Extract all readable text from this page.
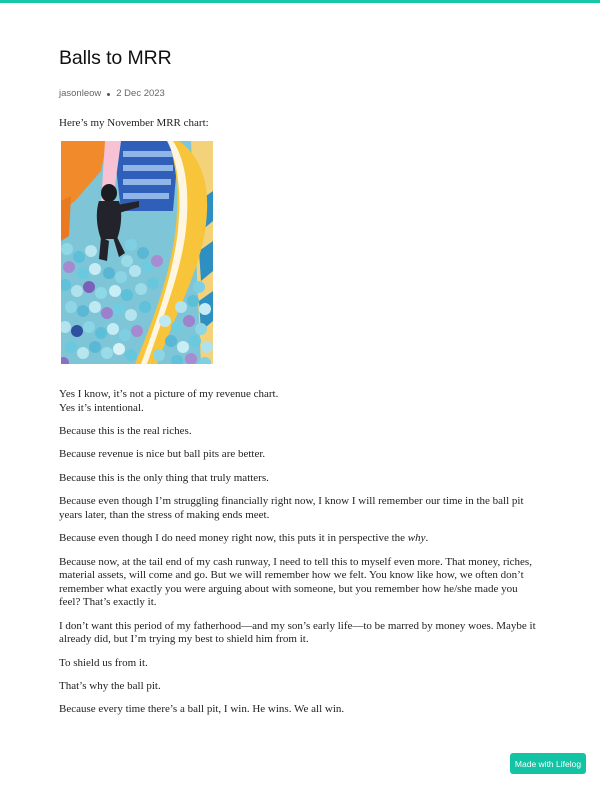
Balls to MRR
jasonleow 2 Dec 2023

Here’s my November MRR chart:

Yes I know, it’s not a picture of my revenue chart.
Yes it’s intentional.

Because this is the real riches.

Because revenue is nice but ball pits are better.

Because this is the only thing that truly matters.

Because even though I’m struggling financially right now, I know I will remember our time in the ball pit years later, than the stress of making ends meet.

Because even though I do need money right now, this puts it in perspective the why.

Because now, at the tail end of my cash runway, I need to tell this to myself even more. That money, riches, material assets, will come and go. But we will remember how we felt. You know like how, we often don’t remember what exactly you were arguing about with someone, but you remember how he/she made you feel? That’s exactly it.

I don’t want this period of my fatherhood—and my son’s early life—to be marred by money woes. Maybe it already did, but I’m trying my best to shield him from it.

To shield us from it.

That’s why the ball pit.

Because every time there’s a ball pit, I win. He wins. We all win.

Made with Lifelog
